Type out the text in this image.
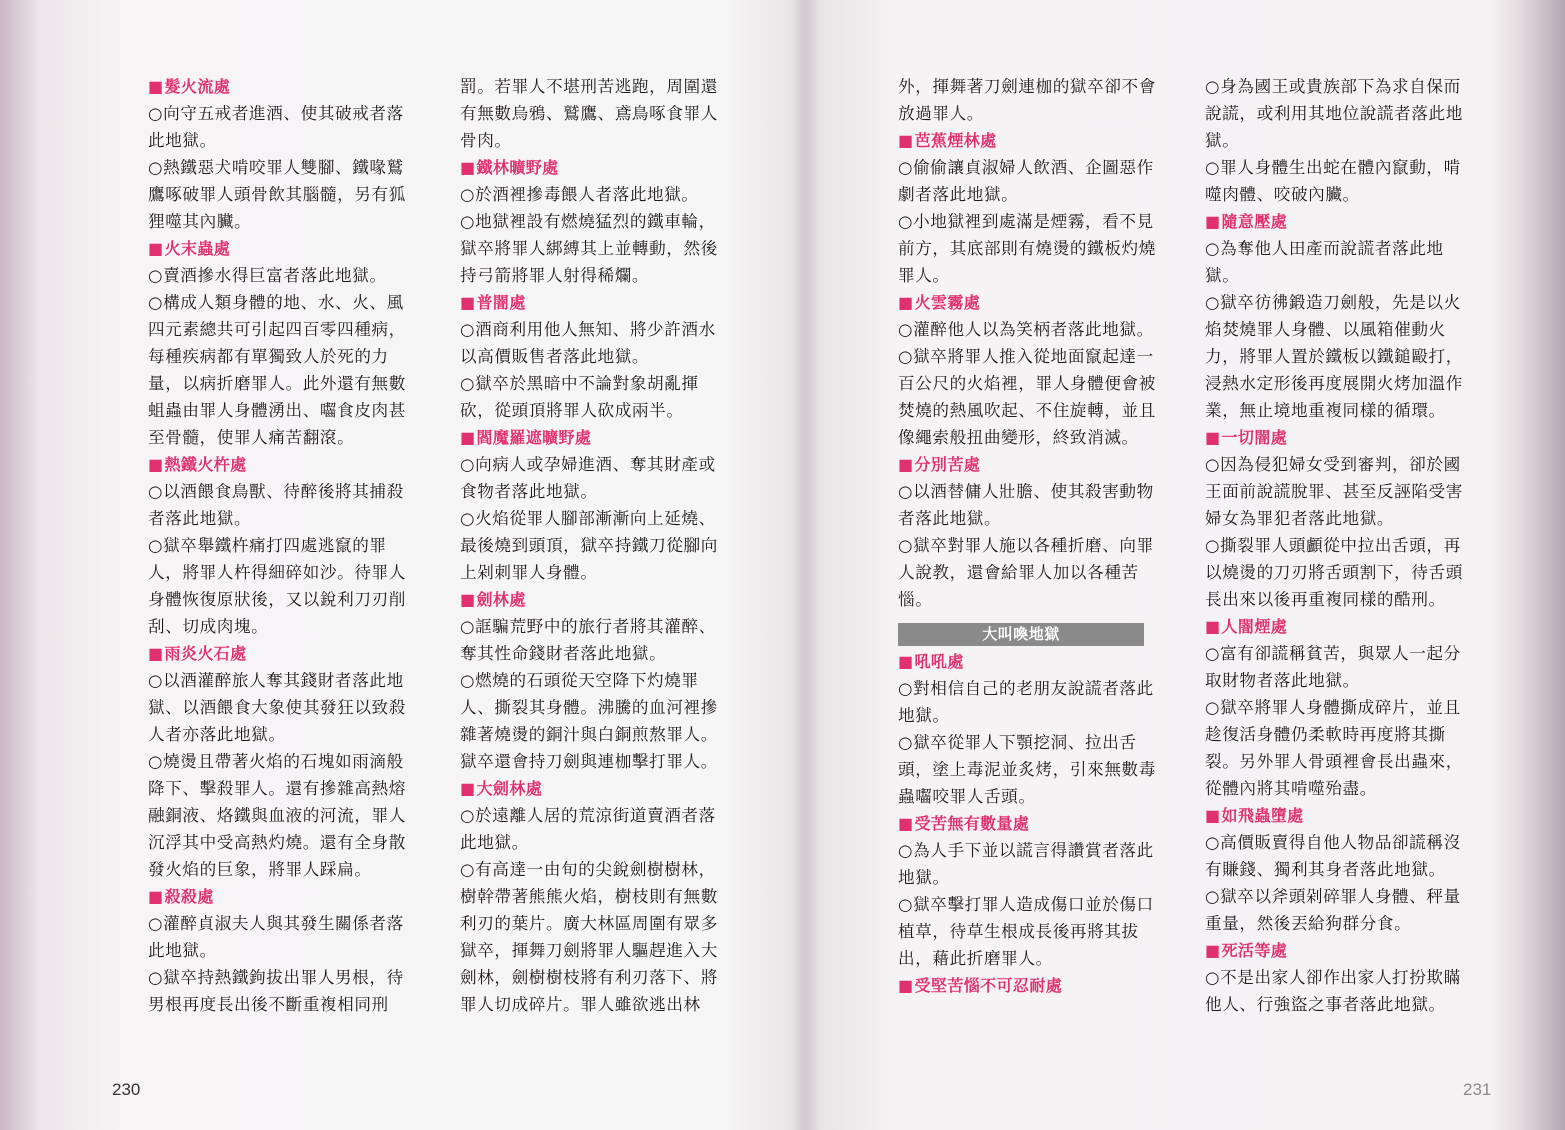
■髮火流處
○向守五戒者進酒、使其破戒者落
此地獄。
○熱鐵惡犬啃咬罪人雙腳、鐵喙鷲
鷹啄破罪人頭骨飲其腦髓，另有狐
狸噬其內臟。
■火末蟲處
○賣酒摻水得巨富者落此地獄。
○構成人類身體的地、水、火、風
四元素總共可引起四百零四種病，
每種疾病都有單獨致人於死的力
量，以病折磨罪人。此外還有無數
蛆蟲由罪人身體湧出、囓食皮肉甚
至骨髓，使罪人痛苦翻滾。
■熱鐵火杵處
○以酒餵食鳥獸、待醉後將其捕殺
者落此地獄。
○獄卒舉鐵杵痛打四處逃竄的罪
人，將罪人杵得細碎如沙。待罪人
身體恢復原狀後，又以銳利刀刃削
刮、切成肉塊。
■雨炎火石處
○以酒灌醉旅人奪其錢財者落此地
獄、以酒餵食大象使其發狂以致殺
人者亦落此地獄。
○燒燙且帶著火焰的石塊如雨滴般
降下、擊殺罪人。還有摻雜高熱熔
融銅液、烙鐵與血液的河流，罪人
沉浮其中受高熱灼燒。還有全身散
發火焰的巨象，將罪人踩扁。
■殺殺處
○灌醉貞淑夫人與其發生關係者落
此地獄。
○獄卒持熱鐵鉤拔出罪人男根，待
男根再度長出後不斷重複相同刑
罰。若罪人不堪刑苦逃跑，周圍還
有無數烏鴉、鷲鷹、鳶鳥啄食罪人
骨肉。
■鐵林曠野處
○於酒裡摻毒餵人者落此地獄。
○地獄裡設有燃燒猛烈的鐵車輪，
獄卒將罪人綁縛其上並轉動，然後
持弓箭將罪人射得稀爛。
■普闇處
○酒商利用他人無知、將少許酒水
以高價販售者落此地獄。
○獄卒於黑暗中不論對象胡亂揮
砍，從頭頂將罪人砍成兩半。
■閻魔羅遮曠野處
○向病人或孕婦進酒、奪其財產或
食物者落此地獄。
○火焰從罪人腳部漸漸向上延燒、
最後燒到頭頂，獄卒持鐵刀從腳向
上剁刺罪人身體。
■劍林處
○誆騙荒野中的旅行者將其灌醉、
奪其性命錢財者落此地獄。
○燃燒的石頭從天空降下灼燒罪
人、撕裂其身體。沸騰的血河裡摻
雜著燒燙的銅汁與白銅煎熬罪人。
獄卒還會持刀劍與連枷擊打罪人。
■大劍林處
○於遠離人居的荒涼街道賣酒者落
此地獄。
○有高達一由旬的尖銳劍樹樹林，
樹幹帶著熊熊火焰，樹枝則有無數
利刃的葉片。廣大林區周圍有眾多
獄卒，揮舞刀劍將罪人驅趕進入大
劍林，劍樹樹枝將有利刃落下、將
罪人切成碎片。罪人雖欲逃出林
230
外，揮舞著刀劍連枷的獄卒卻不會
放過罪人。
■芭蕉煙林處
○偷偷讓貞淑婦人飲酒、企圖惡作
劇者落此地獄。
○小地獄裡到處滿是煙霧，看不見
前方，其底部則有燒燙的鐵板灼燒
罪人。
■火雲霧處
○灌醉他人以為笑柄者落此地獄。
○獄卒將罪人推入從地面竄起達一
百公尺的火焰裡，罪人身體便會被
焚燒的熱風吹起、不住旋轉，並且
像繩索般扭曲變形，終致消滅。
■分別苦處
○以酒替傭人壯膽、使其殺害動物
者落此地獄。
○獄卒對罪人施以各種折磨、向罪
人說教，還會給罪人加以各種苦
惱。
大叫喚地獄
■吼吼處
○對相信自己的老朋友說謊者落此
地獄。
○獄卒從罪人下顎挖洞、拉出舌
頭，塗上毒泥並炙烤，引來無數毒
蟲囓咬罪人舌頭。
■受苦無有數量處
○為人手下並以謊言得讚賞者落此
地獄。
○獄卒擊打罪人造成傷口並於傷口
植草，待草生根成長後再將其拔
出，藉此折磨罪人。
■受堅苦惱不可忍耐處
○身為國王或貴族部下為求自保而
說謊，或利用其地位說謊者落此地
獄。
○罪人身體生出蛇在體內竄動，啃
噬肉體、咬破內臟。
■隨意壓處
○為奪他人田產而說謊者落此地
獄。
○獄卒彷彿鍛造刀劍般，先是以火
焰焚燒罪人身體、以風箱催動火
力，將罪人置於鐵板以鐵鎚毆打，
浸熱水定形後再度展開火烤加溫作
業，無止境地重複同樣的循環。
■一切闇處
○因為侵犯婦女受到審判，卻於國
王面前說謊脫罪、甚至反誣陷受害
婦女為罪犯者落此地獄。
○撕裂罪人頭顱從中拉出舌頭，再
以燒燙的刀刃將舌頭割下，待舌頭
長出來以後再重複同樣的酷刑。
■人闇煙處
○富有卻謊稱貧苦，與眾人一起分
取財物者落此地獄。
○獄卒將罪人身體撕成碎片，並且
趁復活身體仍柔軟時再度將其撕
裂。另外罪人骨頭裡會長出蟲來，
從體內將其啃噬殆盡。
■如飛蟲墮處
○高價販賣得自他人物品卻謊稱沒
有賺錢、獨利其身者落此地獄。
○獄卒以斧頭剁碎罪人身體、秤量
重量，然後丟給狗群分食。
■死活等處
○不是出家人卻作出家人打扮欺瞞
他人、行強盜之事者落此地獄。
231
